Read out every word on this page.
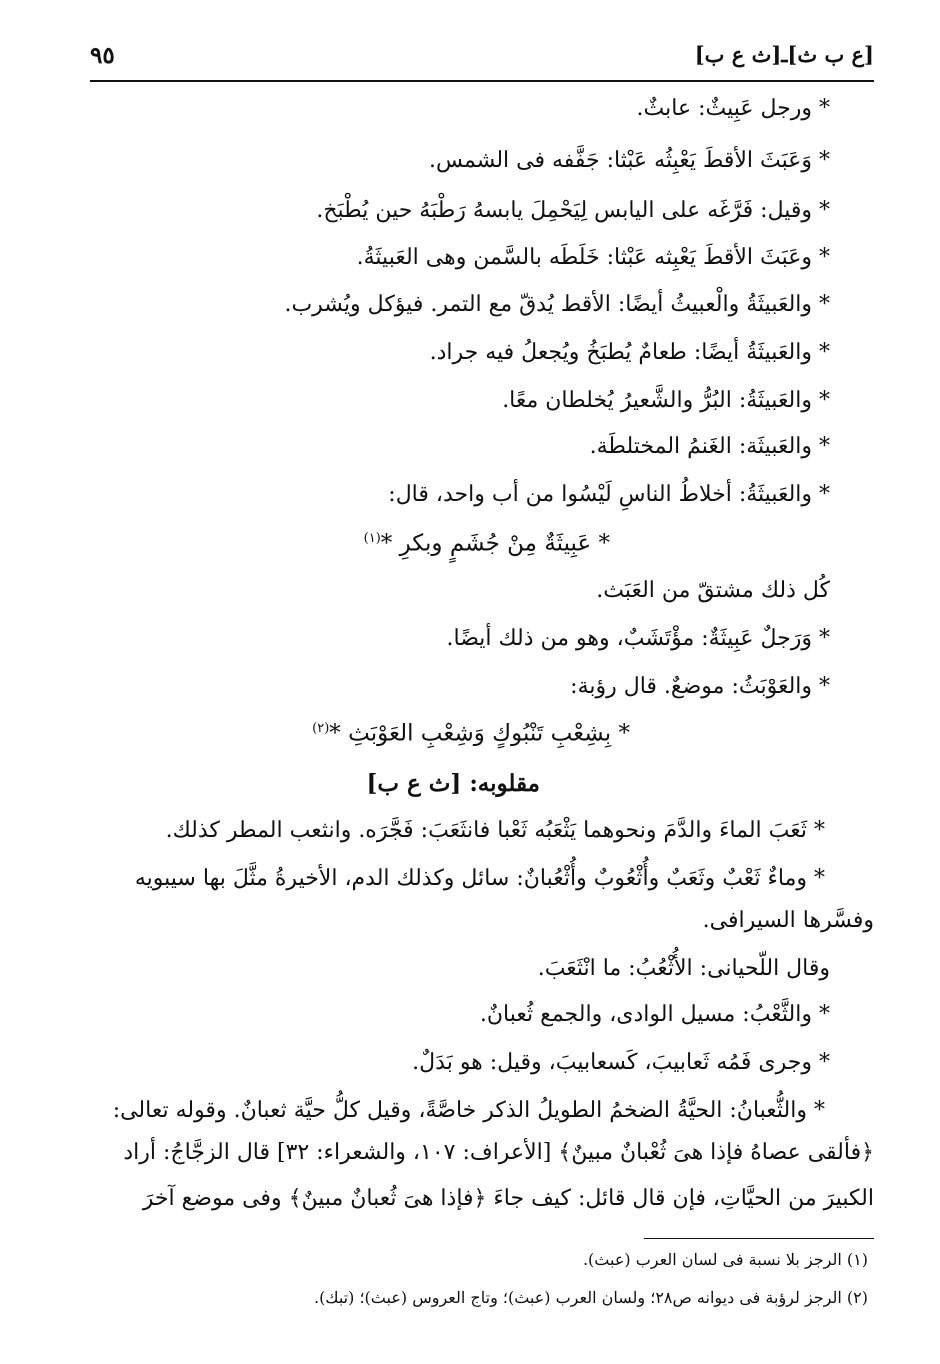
[ع ب ث]ـ[ث ع ب]
٩٥
* ورجل عَبِيثٌ: عابثٌ.
* وَعَبَثَ الأقطَ يَعْبِثُه عَبْثا: جَفَّفه فى الشمس.
* وقيل: فَرَّغَه على اليابس لِيَحْمِلَ يابسهُ رَطْبَهُ حين يُطْبَخ.
* وعَبَثَ الأقطَ يَعْبِثه عَبْثا: خَلَطَه بالسَّمن وهى العَبيثَةُ.
* والعَبيثَةُ والْعبيثُ أيضًا: الأقط يُدقّ مع التمر. فيؤكل ويُشرب.
* والعَبيثَةُ أيضًا: طعامٌ يُطبَخُ ويُجعلُ فيه جراد.
* والعَبيثَةُ: البُرُّ والشَّعيرُ يُخلطان معًا.
* والعَبيثَة: الغَنمُ المختلطَة.
* والعَبيثَةُ: أخلاطُ الناسِ لَيْسُوا من أب واحد، قال:
* عَبِيثَةٌ مِنْ جُشَمٍ وبكرِ *$^{(١)}$
كُل ذلك مشتقّ من العَبَث.
* وَرَجلٌ عَبِيثَةٌ: مؤْتَشَبٌ، وهو من ذلك أيضًا.
* والعَوْبَثُ: موضعٌ. قال رؤبة:
* بِشِعْبِ تَنْبُوكٍ وَشِعْبِ العَوْبَثِ *$^{(٢)}$
مقلوبه: [ث ع ب]
* ثَعَبَ الماءَ والدَّمَ ونحوهما يَثْعَبُه ثَعْبا فانثَعَبَ: فَجَّرَه. وانثعب المطر كذلك.
* وماءٌ ثَعْبٌ وثَعَبٌ وأُثْعُوبٌ وأُثْعُبانٌ: سائل وكذلك الدم، الأخيرةُ مثَّلَ بها سيبويه
وفسَّرها السيرافى.
وقال اللّحيانى: الأُثْعُبُ: ما انْثَعَبَ.
* والثَّعْبُ: مسيل الوادى، والجمع ثُعبانٌ.
* وجرى فَمُه ثَعابيبَ، كَسعابيبَ، وقيل: هو بَدَلٌ.
* والثُّعبانُ: الحيَّةُ الضخمُ الطويلُ الذكر خاصَّةً، وقيل كلُّ حيَّة ثعبانٌ. وقوله تعالى:
﴿فألقى عصاهُ فإذا هىَ ثُعْبانٌ مبينٌ﴾ [الأعراف: ١٠٧، والشعراء: ٣٢] قال الزجَّاجُ: أراد
الكبيرَ من الحيَّاتِ، فإن قال قائل: كيف جاءَ ﴿فإذا هىَ ثُعبانٌ مبينٌ﴾ وفى موضع آخرَ
(١) الرجز بلا نسبة فى لسان العرب (عبث).
(٢) الرجز لرؤبة فى ديوانه ص٢٨؛ ولسان العرب (عبث)؛ وتاج العروس (عبث)؛ (تبك).
